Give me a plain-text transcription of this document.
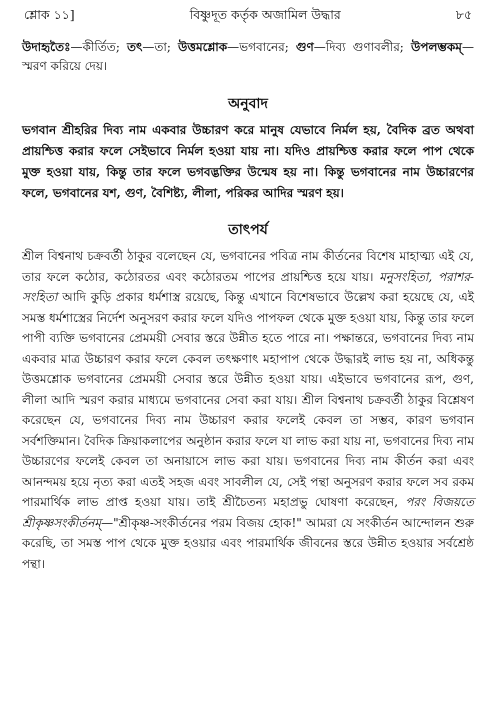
শ্লোক ১১]	বিষ্ণুদূত কর্তৃক অজামিল উদ্ধার	৮৫
উদাহৃতৈঃ—কীর্তিত; তৎ—তা; উত্তমশ্লোক—ভগবানের; গুণ—দিব্য গুণাবলীর; উপলম্ভকম্—স্মরণ করিয়ে দেয়।
অনুবাদ
ভগবান শ্রীহরির দিব্য নাম একবার উচ্চারণ করে মানুষ যেভাবে নির্মল হয়, বৈদিক ব্রত অথবা প্রায়শ্চিত্ত করার ফলে সেইভাবে নির্মল হওয়া যায় না। যদিও প্রায়শ্চিত্ত করার ফলে পাপ থেকে মুক্ত হওয়া যায়, কিন্তু তার ফলে ভগবদ্ভক্তির উন্মেষ হয় না। কিন্তু ভগবানের নাম উচ্চারণের ফলে, ভগবানের যশ, গুণ, বৈশিষ্ট্য, লীলা, পরিকর আদির স্মরণ হয়।
তাৎপর্য

শ্রীল বিশ্বনাথ চক্রবর্তী ঠাকুর বলেছেন যে, ভগবানের পবিত্র নাম কীর্তনের বিশেষ মাহাত্ম্য এই যে, তার ফলে কঠোর, কঠোরতর এবং কঠোরতম পাপের প্রায়শ্চিত্ত হয়ে যায়। মনুসংহিতা, পরাশর-সংহিতা আদি কুড়ি প্রকার ধর্মশাস্ত্র রয়েছে, কিন্তু এখানে বিশেষভাবে উল্লেখ করা হয়েছে যে, এই সমস্ত ধর্মশাস্ত্রের নির্দেশ অনুসরণ করার ফলে যদিও পাপফল থেকে মুক্ত হওয়া যায়, কিন্তু তার ফলে পাপী ব্যক্তি ভগবানের প্রেমময়ী সেবার স্তরে উন্নীত হতে পারে না। পক্ষান্তরে, ভগবানের দিব্য নাম একবার মাত্র উচ্চারণ করার ফলে কেবল তৎক্ষণাৎ মহাপাপ থেকে উদ্ধারই লাভ হয় না, অধিকন্তু উত্তমশ্লোক ভগবানের প্রেমময়ী সেবার স্তরে উন্নীত হওয়া যায়। এইভাবে ভগবানের রূপ, গুণ, লীলা আদি স্মরণ করার মাধ্যমে ভগবানের সেবা করা যায়। শ্রীল বিশ্বনাথ চক্রবর্তী ঠাকুর বিশ্লেষণ করেছেন যে, ভগবানের দিব্য নাম উচ্চারণ করার ফলেই কেবল তা সম্ভব, কারণ ভগবান সর্বশক্তিমান। বৈদিক ক্রিয়াকলাপের অনুষ্ঠান করার ফলে যা লাভ করা যায় না, ভগবানের দিব্য নাম উচ্চারণের ফলেই কেবল তা অনায়াসে লাভ করা যায়। ভগবানের দিব্য নাম কীর্তন করা এবং আনন্দময় হয়ে নৃত্য করা এতই সহজ এবং সাবলীল যে, সেই পন্থা অনুসরণ করার ফলে সব রকম পারমার্থিক লাভ প্রাপ্ত হওয়া যায়। তাই শ্রীচৈতন্য মহাপ্রভু ঘোষণা করেছেন, পরং বিজয়তে শ্রীকৃষ্ণসংকীর্তনম্—"শ্রীকৃষ্ণ-সংকীর্তনের পরম বিজয় হোক!" আমরা যে সংকীর্তন আন্দোলন শুরু করেছি, তা সমস্ত পাপ থেকে মুক্ত হওয়ার এবং পারমার্থিক জীবনের স্তরে উন্নীত হওয়ার সর্বশ্রেষ্ঠ পন্থা।
